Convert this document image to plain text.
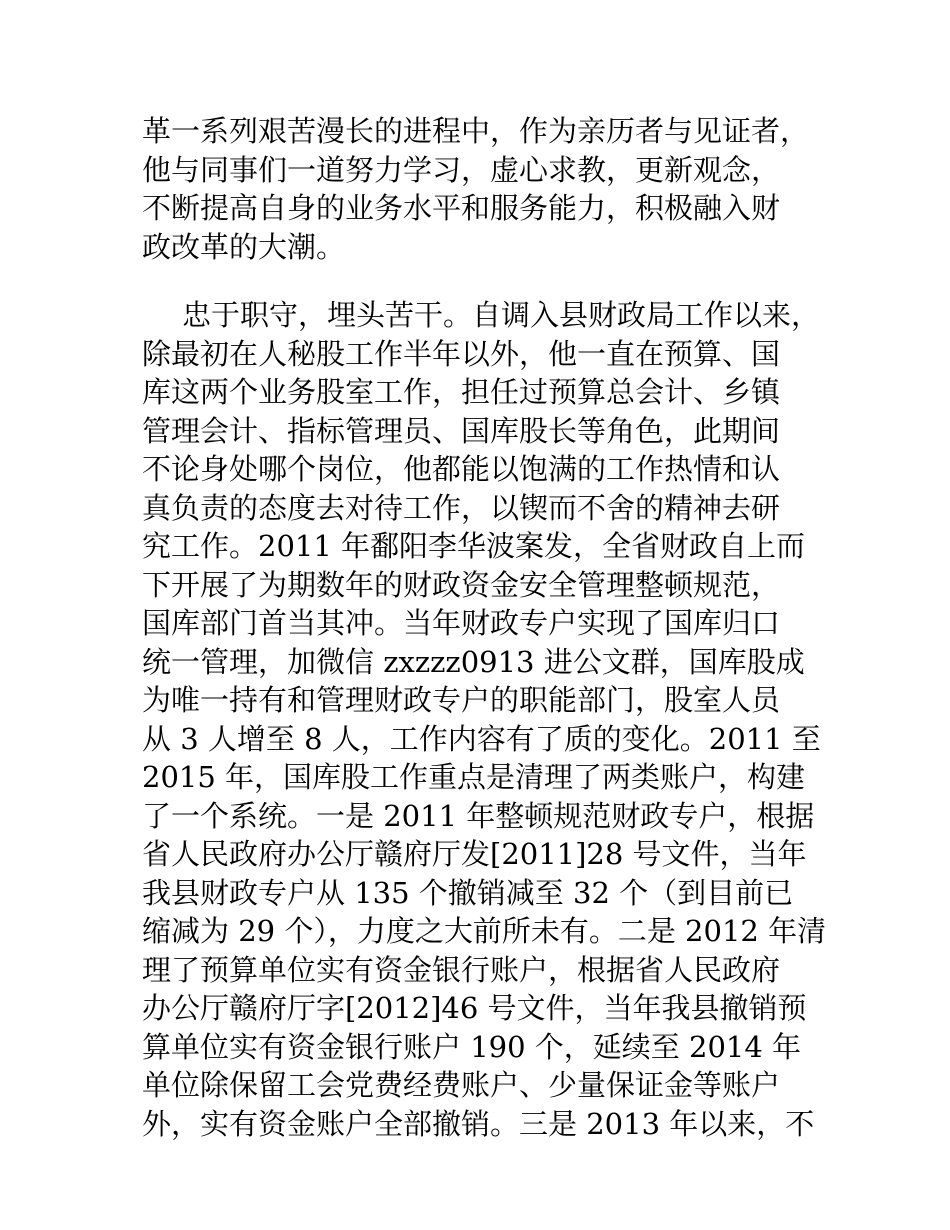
革一系列艰苦漫长的进程中，作为亲历者与见证者，
他与同事们一道努力学习，虚心求教，更新观念，
不断提高自身的业务水平和服务能力，积极融入财
政改革的大潮。
忠于职守，埋头苦干。自调入县财政局工作以来，
除最初在人秘股工作半年以外，他一直在预算、国
库这两个业务股室工作，担任过预算总会计、乡镇
管理会计、指标管理员、国库股长等角色，此期间
不论身处哪个岗位，他都能以饱满的工作热情和认
真负责的态度去对待工作，以锲而不舍的精神去研
究工作。2011 年鄱阳李华波案发，全省财政自上而
下开展了为期数年的财政资金安全管理整顿规范，
国库部门首当其冲。当年财政专户实现了国库归口
统一管理，加微信 zxzzz0913 进公文群，国库股成
为唯一持有和管理财政专户的职能部门，股室人员
从 3 人增至 8 人，工作内容有了质的变化。2011 至
2015 年，国库股工作重点是清理了两类账户，构建
了一个系统。一是 2011 年整顿规范财政专户，根据
省人民政府办公厅赣府厅发[2011]28 号文件，当年
我县财政专户从 135 个撤销减至 32 个（到目前已
缩减为 29 个），力度之大前所未有。二是 2012 年清
理了预算单位实有资金银行账户，根据省人民政府
办公厅赣府厅字[2012]46 号文件，当年我县撤销预
算单位实有资金银行账户 190 个，延续至 2014 年
单位除保留工会党费经费账户、少量保证金等账户
外，实有资金账户全部撤销。三是 2013 年以来，不
